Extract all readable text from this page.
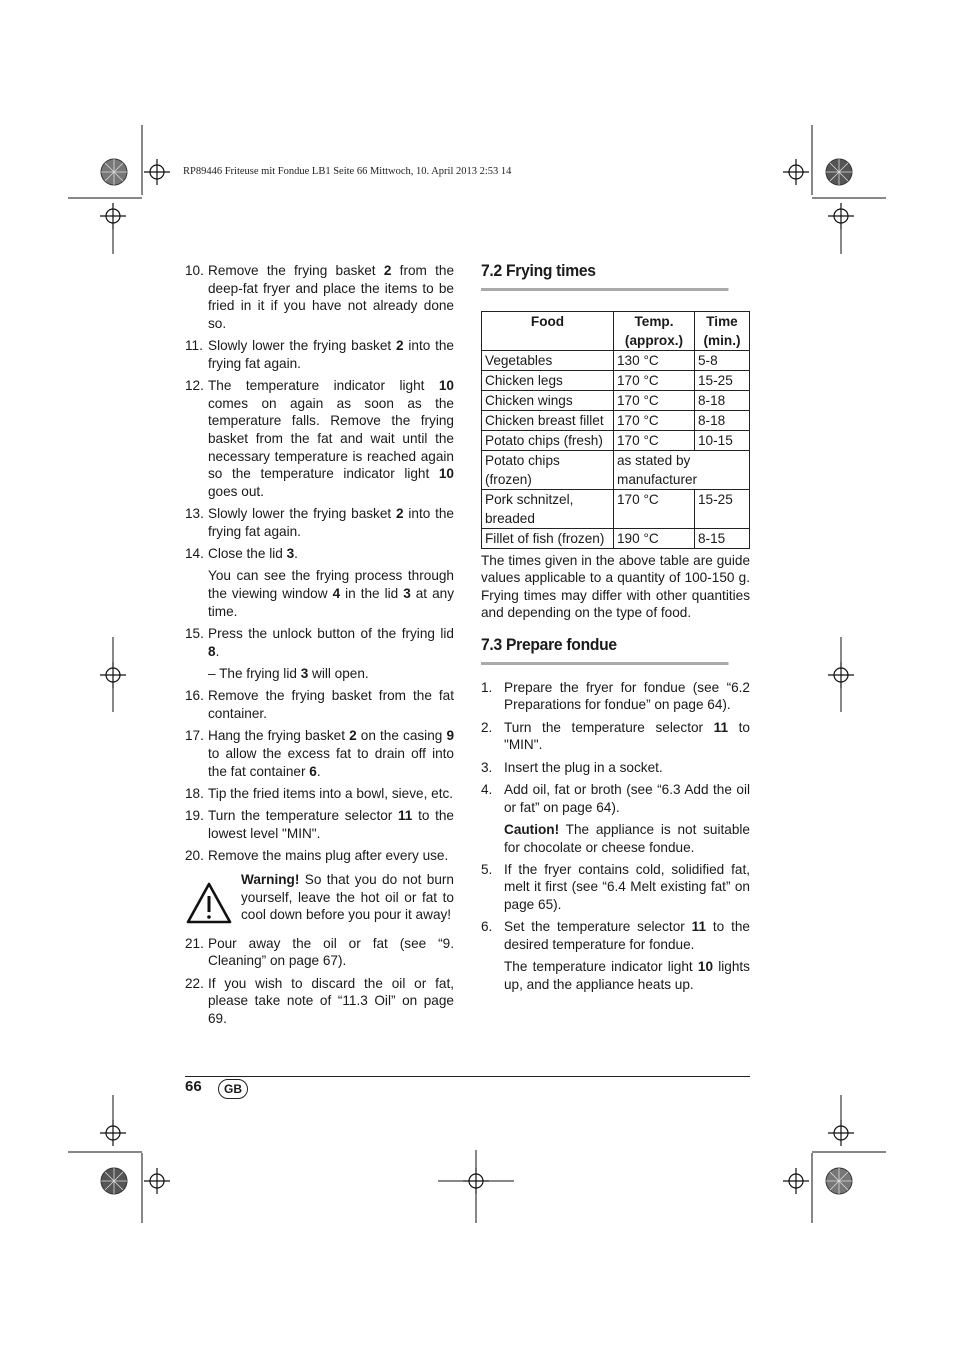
RP89446 Friteuse mit Fondue LB1 Seite 66 Mittwoch, 10. April 2013 2:53 14
10. Remove the frying basket 2 from the deep-fat fryer and place the items to be fried in it if you have not already done so.
11. Slowly lower the frying basket 2 into the frying fat again.
12. The temperature indicator light 10 comes on again as soon as the temperature falls. Remove the frying basket from the fat and wait until the necessary temperature is reached again so the temperature indicator light 10 goes out.
13. Slowly lower the frying basket 2 into the frying fat again.
14. Close the lid 3.
You can see the frying process through the viewing window 4 in the lid 3 at any time.
15. Press the unlock button of the frying lid 8.
– The frying lid 3 will open.
16. Remove the frying basket from the fat container.
17. Hang the frying basket 2 on the casing 9 to allow the excess fat to drain off into the fat container 6.
18. Tip the fried items into a bowl, sieve, etc.
19. Turn the temperature selector 11 to the lowest level "MIN".
20. Remove the mains plug after every use.
Warning! So that you do not burn yourself, leave the hot oil or fat to cool down before you pour it away!
21. Pour away the oil or fat (see “9. Cleaning” on page 67).
22. If you wish to discard the oil or fat, please take note of “11.3 Oil” on page 69.
7.2 Frying times
Food	Temp. (approx.)	Time (min.)
Vegetables	130 °C	5-8
Chicken legs	170 °C	15-25
Chicken wings	170 °C	8-18
Chicken breast fillet	170 °C	8-18
Potato chips (fresh)	170 °C	10-15
Potato chips (frozen)	as stated by manufacturer	
Pork schnitzel, breaded	170 °C	15-25
Fillet of fish (frozen)	190 °C	8-15
The times given in the above table are guide values applicable to a quantity of 100-150 g. Frying times may differ with other quantities and depending on the type of food.
7.3 Prepare fondue
1. Prepare the fryer for fondue (see “6.2 Preparations for fondue” on page 64).
2. Turn the temperature selector 11 to "MIN".
3. Insert the plug in a socket.
4. Add oil, fat or broth (see “6.3 Add the oil or fat” on page 64).
Caution! The appliance is not suitable for chocolate or cheese fondue.
5. If the fryer contains cold, solidified fat, melt it first (see “6.4 Melt existing fat” on page 65).
6. Set the temperature selector 11 to the desired temperature for fondue.
The temperature indicator light 10 lights up, and the appliance heats up.
66	GB
